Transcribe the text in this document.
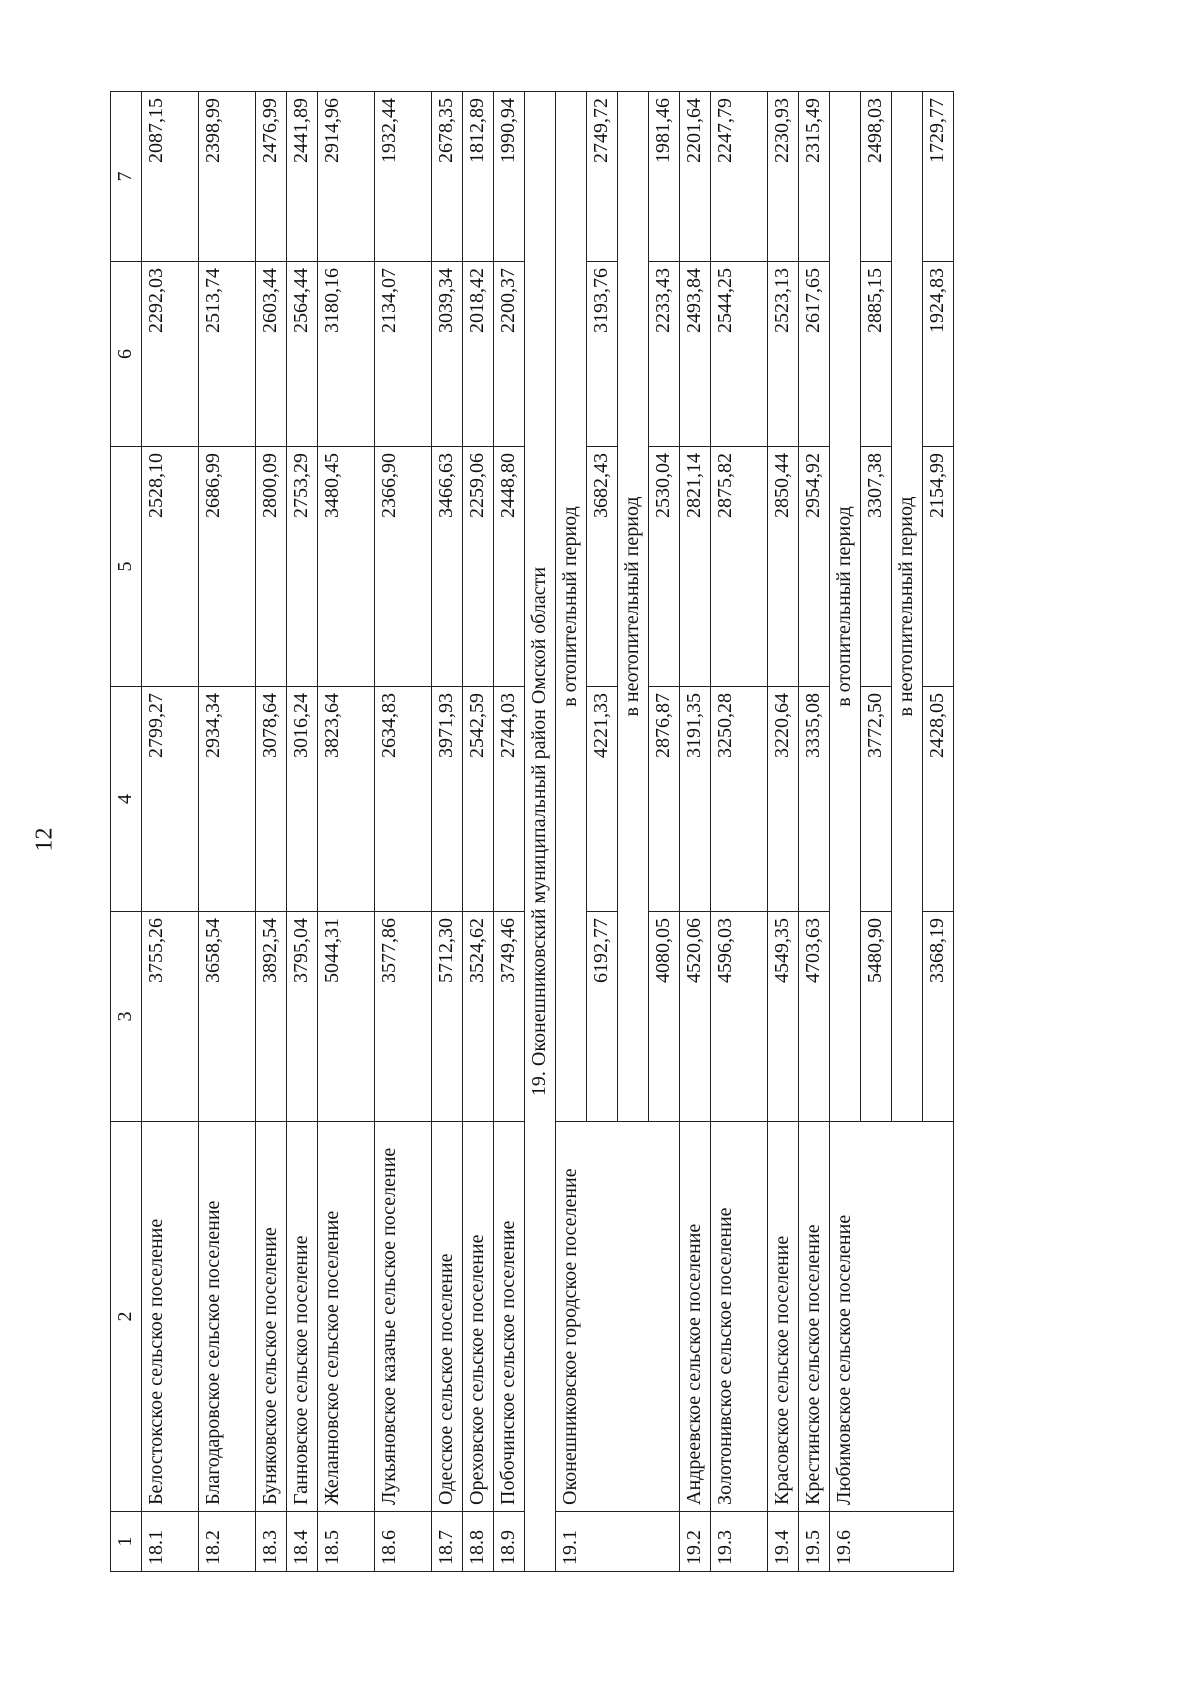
12
1	2	3	4	5	6	7
18.1	Белостокское сельское поселение	3755,26	2799,27	2528,10	2292,03	2087,15
18.2	Благодаровское сельское поселение	3658,54	2934,34	2686,99	2513,74	2398,99
18.3	Буняковское сельское поселение	3892,54	3078,64	2800,09	2603,44	2476,99
18.4	Ганновское сельское поселение	3795,04	3016,24	2753,29	2564,44	2441,89
18.5	Желанновское сельское поселение	5044,31	3823,64	3480,45	3180,16	2914,96
18.6	Лукьяновское казачье сельское поселение	3577,86	2634,83	2366,90	2134,07	1932,44
18.7	Одесское сельское поселение	5712,30	3971,93	3466,63	3039,34	2678,35
18.8	Ореховское сельское поселение	3524,62	2542,59	2259,06	2018,42	1812,89
18.9	Побочинское сельское поселение	3749,46	2744,03	2448,80	2200,37	1990,94
19. Оконешниковский муниципальный район Омской области						
19.1	Оконешниковское городское поселение	в отопительный период				
		6192,77	4221,33	3682,43	3193,76	2749,72
		в неотопительный период				
		4080,05	2876,87	2530,04	2233,43	1981,46
19.2	Андреевское сельское поселение	4520,06	3191,35	2821,14	2493,84	2201,64
19.3	Золотонивское сельское поселение	4596,03	3250,28	2875,82	2544,25	2247,79
19.4	Красовское сельское поселение	4549,35	3220,64	2850,44	2523,13	2230,93
19.5	Крестинское сельское поселение	4703,63	3335,08	2954,92	2617,65	2315,49
19.6	Любимовское сельское поселение	в отопительный период				
		5480,90	3772,50	3307,38	2885,15	2498,03
		в неотопительный период				
		3368,19	2428,05	2154,99	1924,83	1729,77
